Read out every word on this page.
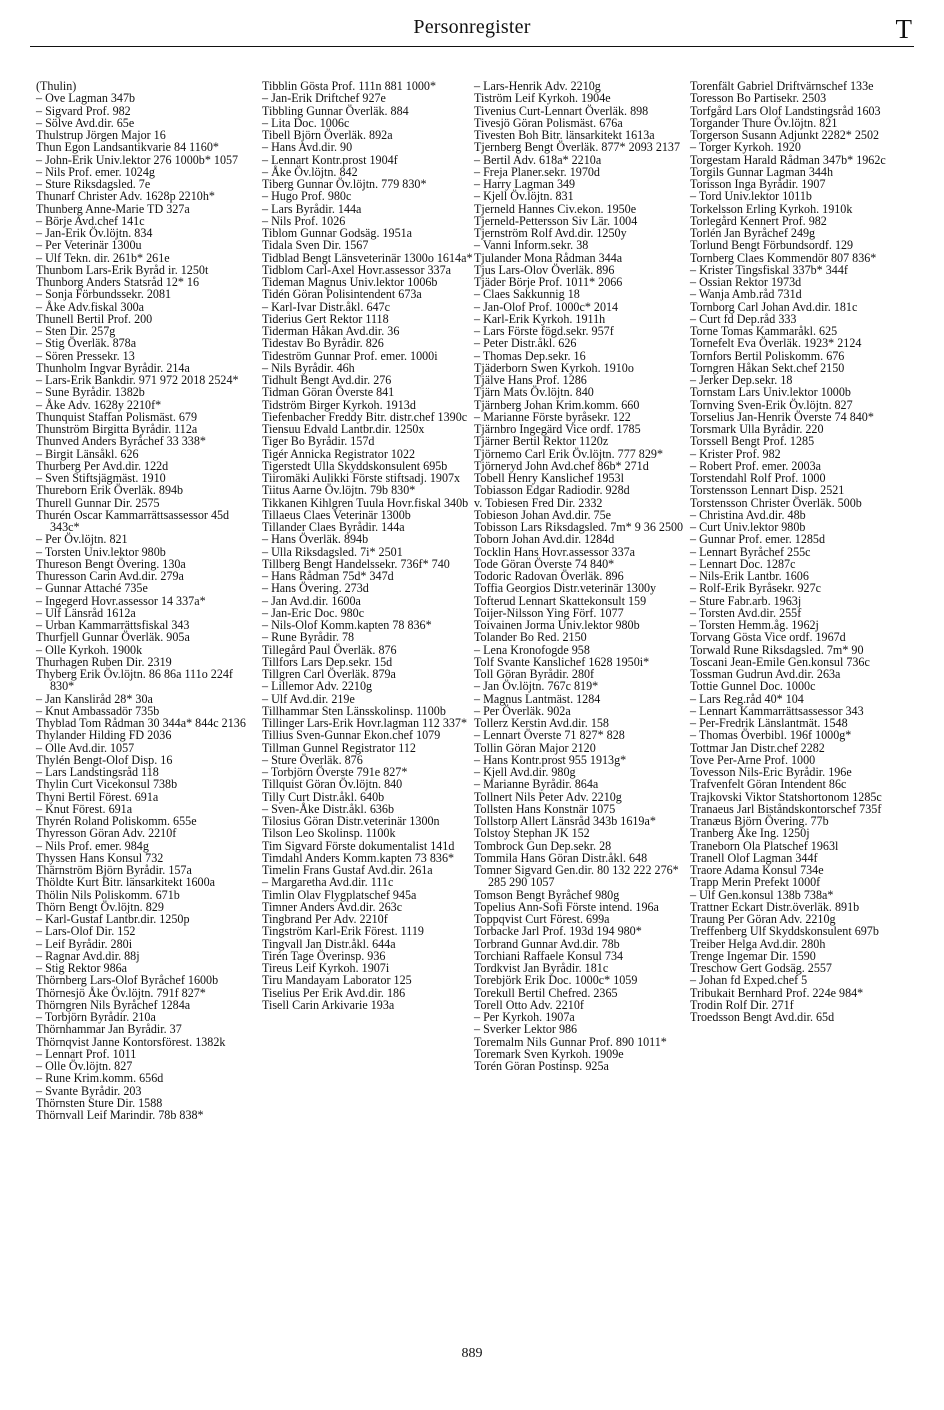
Personregister	T
(Thulin)
– Ove Lagman 347b
– Sigvard Prof. 982
– Sölve Avd.dir. 65e
Thulstrup Jörgen Major 16
Thun Egon Landsantikvarie 84 1160*
– John-Erik Univ.lektor 276 1000b* 1057
– Nils Prof. emer. 1024g
– Sture Riksdagsled. 7e
Thunarf Christer Adv. 1628p 2210h*
Thunberg Anne-Marie TD 327a
– Börje Avd.chef 141c
– Jan-Erik Öv.löjtn. 834
– Per Veterinär 1300u
– Ulf Tekn. dir. 261b* 261e
Thunbom Lars-Erik Byråd ir. 1250t
Thunborg Anders Statsråd 12* 16
– Sonja Förbundssekr. 2081
– Åke Adv.fiskal 300a
Thunell Bertil Prof. 200
– Sten Dir. 257g
– Stig Överläk. 878a
– Sören Pressekr. 13
Thunholm Ingvar Byrådir. 214a
– Lars-Erik Bankdir. 971 972 2018 2524*
– Sune Byrådir. 1382b
– Åke Adv. 1628y 2210f*
Thunquist Staffan Polismäst. 679
Thunström Birgitta Byrådir. 112a
Thunved Anders Byråchef 33 338*
– Birgit Länsåkl. 626
Thurberg Per Avd.dir. 122d
– Sven Stiftsjägmäst. 1910
Thureborn Erik Överläk. 894b
Thurell Gunnar Dir. 2575
Thurén Oscar Kammarrättsassessor 45d 343c*
– Per Öv.löjtn. 821
– Torsten Univ.lektor 980b
Thureson Bengt Övering. 130a
Thuresson Carin Avd.dir. 279a
– Gunnar Attaché 735e
– Ingegerd Hovr.assessor 14 337a*
– Ulf Länsråd 1612a
– Urban Kammarrättsfiskal 343
Thurfjell Gunnar Överläk. 905a
– Olle Kyrkoh. 1900k
Thurhagen Ruben Dir. 2319
Thyberg Erik Öv.löjtn. 86 86a 111o 224f 830*
– Jan Kansliråd 28* 30a
– Knut Ambassadör 735b
Thyblad Tom Rådman 30 344a* 844c 2136
Thylander Hilding FD 2036
– Olle Avd.dir. 1057
Thylén Bengt-Olof Disp. 16
– Lars Landstingsråd 118
Thylin Curt Vicekonsul 738b
Thyni Bertil Förest. 691a
– Knut Förest. 691a
Thyrén Roland Poliskomm. 655e
Thyresson Göran Adv. 2210f
– Nils Prof. emer. 984g
Thyssen Hans Konsul 732
Thärnström Björn Byrådir. 157a
Thöldte Kurt Bitr. länsarkitekt 1600a
Thölin Nils Poliskomm. 671b
Thörn Bengt Öv.löjtn. 829
– Karl-Gustaf Lantbr.dir. 1250p
– Lars-Olof Dir. 152
– Leif Byrådir. 280i
– Ragnar Avd.dir. 88j
– Stig Rektor 986a
Thörnberg Lars-Olof Byråchef 1600b
Thörnesjö Åke Öv.löjtn. 791f 827*
Thörngren Nils Byråchef 1284a
– Torbjörn Byrådir. 210a
Thörnhammar Jan Byrådir. 37
Thörnqvist Janne Kontorsförest. 1382k
– Lennart Prof. 1011
– Olle Öv.löjtn. 827
– Rune Krim.komm. 656d
– Svante Byrådir. 203
Thörnsten Sture Dir. 1588
Thörnvall Leif Marindir. 78b 838*
Tibblin Gösta Prof. 111n 881 1000*
– Jan-Erik Driftchef 927e
Tibbling Gunnar Överläk. 884
– Lita Doc. 1006c
Tibell Björn Överläk. 892a
– Hans Avd.dir. 90
– Lennart Kontr.prost 1904f
– Åke Öv.löjtn. 842
Tiberg Gunnar Öv.löjtn. 779 830*
– Hugo Prof. 980c
– Lars Byrådir. 144a
– Nils Prof. 1026
Tiblom Gunnar Godsäg. 1951a
Tidala Sven Dir. 1567
Tidblad Bengt Länsveterinär 1300o 1614a*
Tidblom Carl-Axel Hovr.assessor 337a
Tideman Magnus Univ.lektor 1006b
Tidén Göran Polisintendent 673a
– Karl-Ivar Distr.åkl. 647c
Tiderius Gert Rektor 1118
Tiderman Håkan Avd.dir. 36
Tidestav Bo Byrådir. 826
Tideström Gunnar Prof. emer. 1000i
– Nils Byrådir. 46h
Tidhult Bengt Avd.dir. 276
Tidman Göran Överste 841
Tidström Birger Kyrkoh. 1913d
Tiefenbacher Freddy Bitr. distr.chef 1390c
Tiensuu Edvald Lantbr.dir. 1250x
Tiger Bo Byrådir. 157d
Tigér Annicka Registrator 1022
Tigerstedt Ulla Skyddskonsulent 695b
Tiiromäki Aulikki Förste stiftsadj. 1907x
Tiitus Aarne Öv.löjtn. 79b 830*
Tikkanen Kihlgren Tuula Hovr.fiskal 340b
Tillaeus Claes Veterinär 1300b
Tillander Claes Byrådir. 144a
– Hans Överläk. 894b
– Ulla Riksdagsled. 7i* 2501
Tillberg Bengt Handelssekr. 736f* 740
– Hans Rådman 75d* 347d
– Hans Övering. 273d
– Jan Avd.dir. 1600a
– Jan-Eric Doc. 980c
– Nils-Olof Komm.kapten 78 836*
– Rune Byrådir. 78
Tillegård Paul Överläk. 876
Tillfors Lars Dep.sekr. 15d
Tillgren Carl Överläk. 879a
– Lillemor Adv. 2210g
– Ulf Avd.dir. 219e
Tillhammar Sten Länsskolinsp. 1100b
Tillinger Lars-Erik Hovr.lagman 112 337*
Tillius Sven-Gunnar Ekon.chef 1079
Tillman Gunnel Registrator 112
– Sture Överläk. 876
– Torbjörn Överste 791e 827*
Tillquist Göran Öv.löjtn. 840
Tilly Curt Distr.åkl. 640b
– Sven-Åke Distr.åkl. 636b
Tilosius Göran Distr.veterinär 1300n
Tilson Leo Skolinsp. 1100k
Tim Sigvard Förste dokumentalist 141d
Timdahl Anders Komm.kapten 73 836*
Timelin Frans Gustaf Avd.dir. 261a
– Margaretha Avd.dir. 111c
Timlin Olav Flygplatschef 945a
Timner Anders Avd.dir. 263c
Tingbrand Per Adv. 2210f
Tingström Karl-Erik Förest. 1119
Tingvall Jan Distr.åkl. 644a
Tirén Tage Överinsp. 936
Tireus Leif Kyrkoh. 1907i
Tiru Mandayam Laborator 125
Tiselius Per Erik Avd.dir. 186
Tisell Carin Arkivarie 193a
– Lars-Henrik Adv. 2210g
Tiström Leif Kyrkoh. 1904e
Tivenius Curt-Lennart Överläk. 898
Tivesjö Göran Polismäst. 676a
Tivesten Boh Bitr. länsarkitekt 1613a
Tjernberg Bengt Överläk. 877* 2093 2137
– Bertil Adv. 618a* 2210a
– Freja Planer.sekr. 1970d
– Harry Lagman 349
– Kjell Öv.löjtn. 831
Tjerneld Hannes Civ.ekon. 1950e
Tjerneld-Pettersson Siv Lär. 1004
Tjernström Rolf Avd.dir. 1250y
– Vanni Inform.sekr. 38
Tjulander Mona Rådman 344a
Tjus Lars-Olov Överläk. 896
Tjäder Börje Prof. 1011* 2066
– Claes Sakkunnig 18
– Jan-Olof Prof. 1000c* 2014
– Karl-Erik Kyrkoh. 1911h
– Lars Förste fögd.sekr. 957f
– Peter Distr.åkl. 626
– Thomas Dep.sekr. 16
Tjäderborn Swen Kyrkoh. 1910o
Tjälve Hans Prof. 1286
Tjärn Mats Öv.löjtn. 840
Tjärnberg Johan Krim.komm. 660
– Marianne Förste byråsekr. 122
Tjärnbro Ingegärd Vice ordf. 1785
Tjärner Bertil Rektor 1120z
Tjörnemo Carl Erik Öv.löjtn. 777 829*
Tjörneryd John Avd.chef 86b* 271d
Tobell Henry Kanslichef 1953l
Tobiasson Edgar Radiodir. 928d
v. Tobiesen Fred Dir. 2332
Tobieson Johan Avd.dir. 75e
Tobisson Lars Riksdagsled. 7m* 9 36 2500
Toborn Johan Avd.dir. 1284d
Tocklin Hans Hovr.assessor 337a
Tode Göran Överste 74 840*
Todoric Radovan Överläk. 896
Toffia Georgios Distr.veterinär 1300y
Tofterud Lennart Skattekonsult 159
Toijer-Nilsson Ying Förf. 1077
Toivainen Jorma Univ.lektor 980b
Tolander Bo Red. 2150
– Lena Kronofogde 958
Tolf Svante Kanslichef 1628 1950i*
Toll Göran Byrådir. 280f
– Jan Öv.löjtn. 767c 819*
– Magnus Lantmäst. 1284
– Per Överläk. 902a
Tollerz Kerstin Avd.dir. 158
– Lennart Överste 71 827* 828
Tollin Göran Major 2120
– Hans Kontr.prost 955 1913g*
– Kjell Avd.dir. 980g
– Marianne Byrådir. 864a
Tollnert Nils Peter Adv. 2210g
Tollsten Hans Konstnär 1075
Tollstorp Allert Länsråd 343b 1619a*
Tolstoy Stephan JK 152
Tombrock Gun Dep.sekr. 28
Tommila Hans Göran Distr.åkl. 648
Tomner Sigvard Gen.dir. 80 132 222 276* 285 290 1057
Tomson Bengt Byråchef 980g
Topelius Ann-Sofi Förste intend. 196a
Toppqvist Curt Förest. 699a
Torbacke Jarl Prof. 193d 194 980*
Torbrand Gunnar Avd.dir. 78b
Torchiani Raffaele Konsul 734
Tordkvist Jan Byrådir. 181c
Torebjörk Erik Doc. 1000c* 1059
Torekull Bertil Chefred. 2365
Torell Otto Adv. 2210f
– Per Kyrkoh. 1907a
– Sverker Lektor 986
Toremalm Nils Gunnar Prof. 890 1011*
Toremark Sven Kyrkoh. 1909e
Torén Göran Postinsp. 925a
Torenfält Gabriel Driftvärnschef 133e
Toresson Bo Partisekr. 2503
Torfgård Lars Olof Landstingsråd 1603
Torgander Thure Öv.löjtn. 821
Torgerson Susann Adjunkt 2282* 2502
– Torger Kyrkoh. 1920
Torgestam Harald Rådman 347b* 1962c
Torgils Gunnar Lagman 344h
Torisson Inga Byrådir. 1907
– Tord Univ.lektor 1011b
Torkelsson Erling Kyrkoh. 1910k
Torlegård Kennert Prof. 982
Torlén Jan Byråchef 249g
Torlund Bengt Förbundsordf. 129
Tornberg Claes Kommendör 807 836*
– Krister Tingsfiskal 337b* 344f
– Ossian Rektor 1973d
– Wanja Amb.råd 731d
Tornborg Carl Johan Avd.dir. 181c
– Curt fd Dep.råd 333
Torne Tomas Kammaråkl. 625
Tornefelt Eva Överläk. 1923* 2124
Tornfors Bertil Poliskomm. 676
Torngren Håkan Sekt.chef 2150
– Jerker Dep.sekr. 18
Tornstam Lars Univ.lektor 1000b
Tornving Sven-Erik Öv.löjtn. 827
Torselius Jan-Henrik Överste 74 840*
Torsmark Ulla Byrådir. 220
Torssell Bengt Prof. 1285
– Krister Prof. 982
– Robert Prof. emer. 2003a
Torstendahl Rolf Prof. 1000
Torstensson Lennart Disp. 2521
Torstensson Christer Överläk. 500b
– Christina Avd.dir. 48b
– Curt Univ.lektor 980b
– Gunnar Prof. emer. 1285d
– Lennart Byråchef 255c
– Lennart Doc. 1287c
– Nils-Erik Lantbr. 1606
– Rolf-Erik Byråsekr. 927c
– Sture Fabr.arb. 1963j
– Torsten Avd.dir. 255f
– Torsten Hemm.åg. 1962j
Torvang Gösta Vice ordf. 1967d
Torwald Rune Riksdagsled. 7m* 90
Toscani Jean-Emile Gen.konsul 736c
Tossman Gudrun Avd.dir. 263a
Tottie Gunnel Doc. 1000c
– Lars Reg.råd 40* 104
– Lennart Kammarrättsassessor 343
– Per-Fredrik Länslantmät. 1548
– Thomas Överbibl. 196f 1000g*
Tottmar Jan Distr.chef 2282
Tove Per-Arne Prof. 1000
Tovesson Nils-Eric Byrådir. 196e
Trafvenfelt Göran Intendent 86c
Trajkovski Viktor Statshortonom 1285c
Tranaeus Jarl Biståndskontorschef 735f
Tranæus Björn Övering. 77b
Tranberg Åke Ing. 1250j
Traneborn Ola Platschef 1963l
Tranell Olof Lagman 344f
Traore Adama Konsul 734e
Trapp Merin Prefekt 1000f
– Ulf Gen.konsul 138b 738a*
Trattner Eckart Distr.överläk. 891b
Traung Per Göran Adv. 2210g
Treffenberg Ulf Skyddskonsulent 697b
Treiber Helga Avd.dir. 280h
Trenge Ingemar Dir. 1590
Treschow Gert Godsäg. 2557
– Johan fd Exped.chef 5
Tribukait Bernhard Prof. 224e 984*
Trodin Rolf Dir. 271f
Troedsson Bengt Avd.dir. 65d
889
